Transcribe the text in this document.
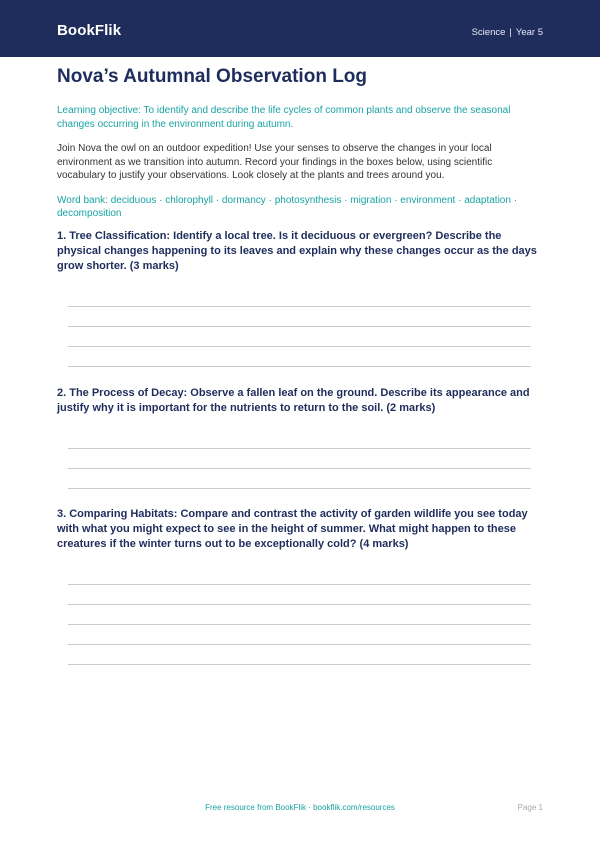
BookFlik	Science | Year 5
Nova’s Autumnal Observation Log

Learning objective: To identify and describe the life cycles of common plants and observe the seasonal changes occurring in the environment during autumn.

Join Nova the owl on an outdoor expedition! Use your senses to observe the changes in your local environment as we transition into autumn. Record your findings in the boxes below, using scientific vocabulary to justify your observations. Look closely at the plants and trees around you.

Word bank: deciduous · chlorophyll · dormancy · photosynthesis · migration · environment · adaptation · decomposition

1. Tree Classification: Identify a local tree. Is it deciduous or evergreen? Describe the physical changes happening to its leaves and explain why these changes occur as the days grow shorter. (3 marks)

2. The Process of Decay: Observe a fallen leaf on the ground. Describe its appearance and justify why it is important for the nutrients to return to the soil. (2 marks)

3. Comparing Habitats: Compare and contrast the activity of garden wildlife you see today with what you might expect to see in the height of summer. What might happen to these creatures if the winter turns out to be exceptionally cold? (4 marks)

Free resource from BookFlik · bookflik.com/resources	Page 1
